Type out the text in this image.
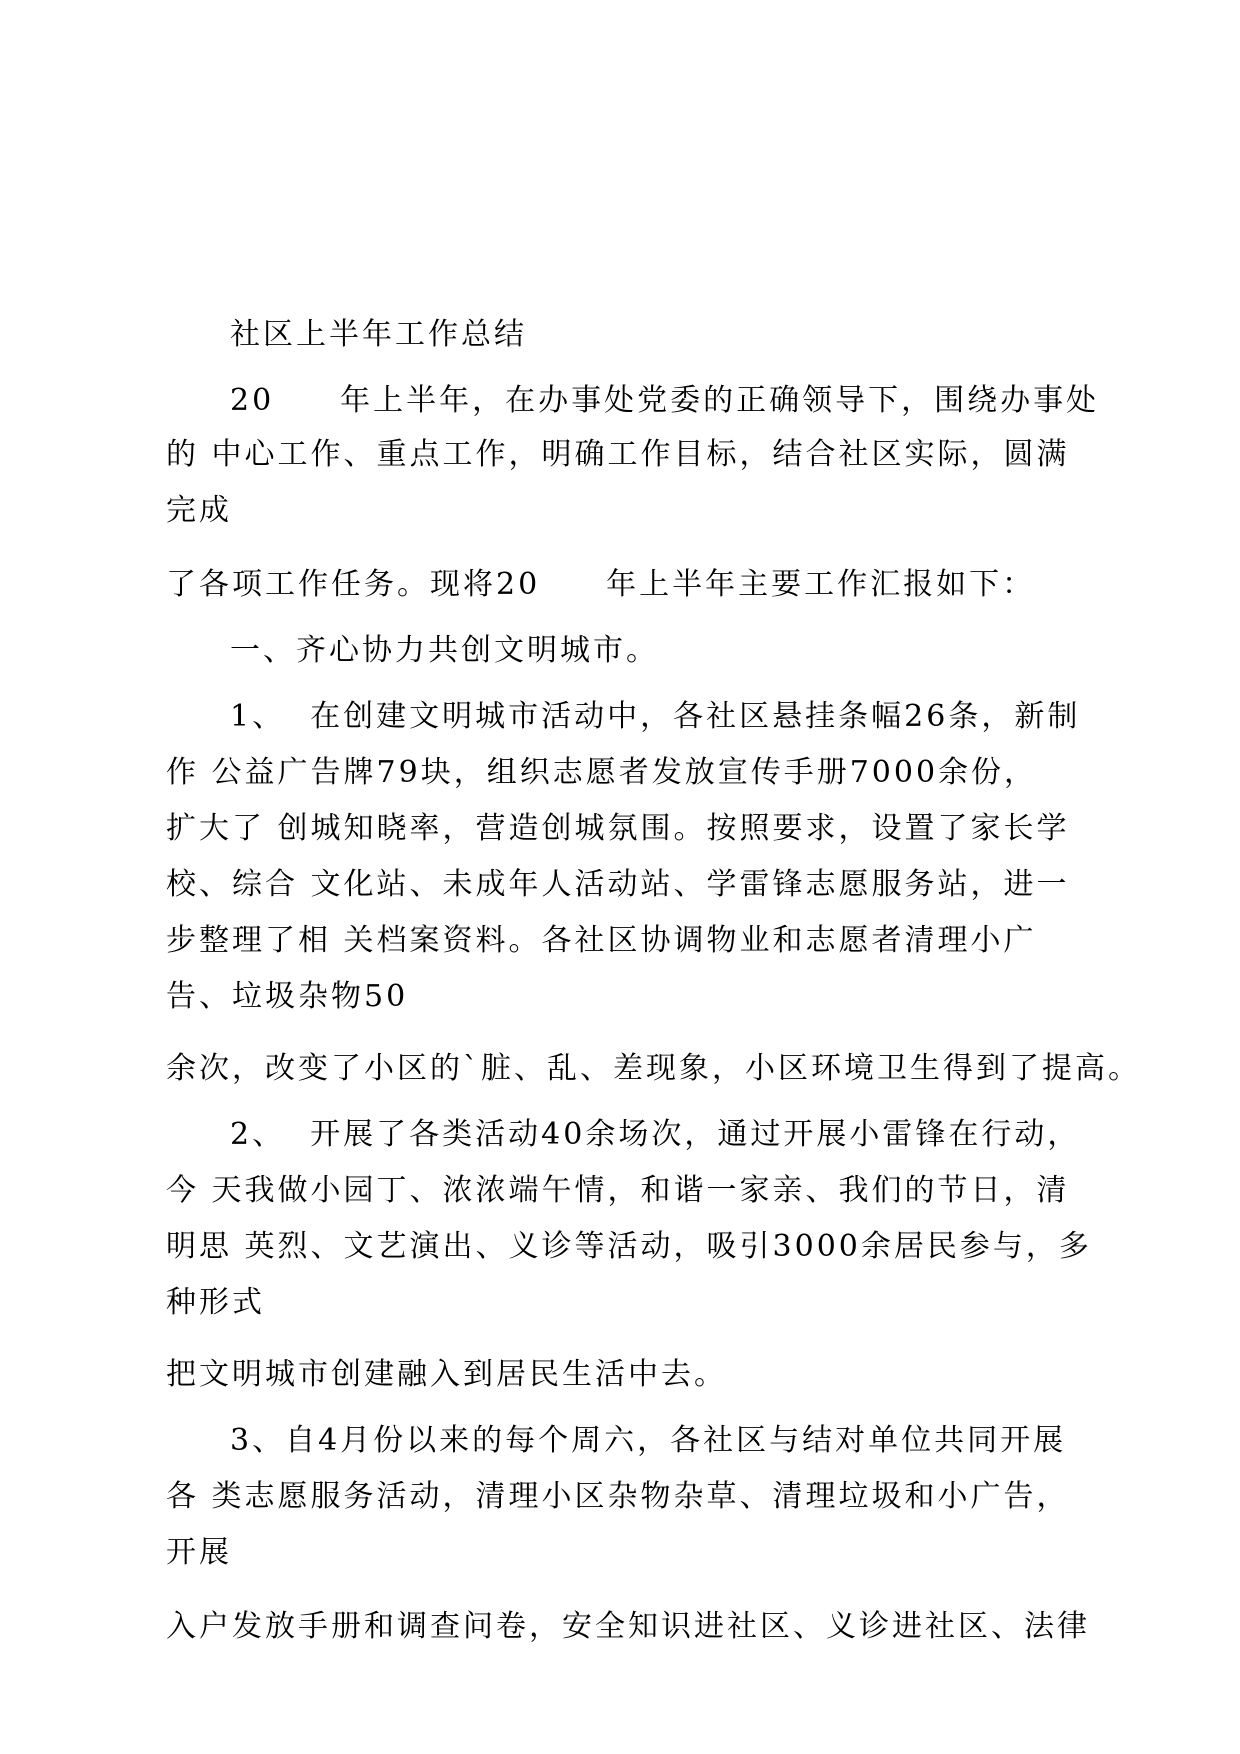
社区上半年工作总结
20　　年上半年，在办事处党委的正确领导下，围绕办事处
的 中心工作、重点工作，明确工作目标，结合社区实际，圆满
完成
了各项工作任务。现将20　　年上半年主要工作汇报如下：
一、齐心协力共创文明城市。
1、  在创建文明城市活动中，各社区悬挂条幅26条，新制
作 公益广告牌79块，组织志愿者发放宣传手册7000余份，
扩大了 创城知晓率，营造创城氛围。按照要求，设置了家长学
校、综合 文化站、未成年人活动站、学雷锋志愿服务站，进一
步整理了相 关档案资料。各社区协调物业和志愿者清理小广
告、垃圾杂物50
余次，改变了小区的`脏、乱、差现象，小区环境卫生得到了提高。
2、  开展了各类活动40余场次，通过开展小雷锋在行动，
今 天我做小园丁、浓浓端午情，和谐一家亲、我们的节日，清
明思 英烈、文艺演出、义诊等活动，吸引3000余居民参与，多
种形式
把文明城市创建融入到居民生活中去。
3、自4月份以来的每个周六，各社区与结对单位共同开展
各 类志愿服务活动，清理小区杂物杂草、清理垃圾和小广告，
开展
入户发放手册和调查问卷，安全知识进社区、义诊进社区、法律
